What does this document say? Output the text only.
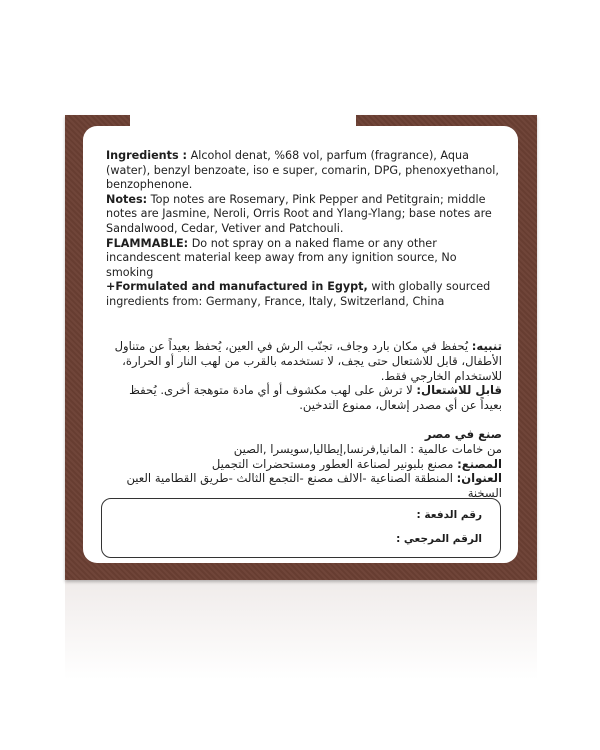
Ingredients : Alcohol denat, %68 vol, parfum (fragrance), Aqua (water), benzyl benzoate, iso e super, comarin, DPG, phenoxyethanol, benzophenone.

Notes: Top notes are Rosemary, Pink Pepper and Petitgrain; middle notes are Jasmine, Neroli, Orris Root and Ylang-Ylang; base notes are Sandalwood, Cedar, Vetiver and Patchouli.

FLAMMABLE: Do not spray on a naked flame or any other incandescent material keep away from any ignition source, No smoking

+Formulated and manufactured in Egypt, with globally sourced ingredients from: Germany, France, Italy, Switzerland, China

تنبيه: يُحفظ في مكان بارد وجاف، تجنّب الرش في العين، يُحفظ بعيداً عن متناول الأطفال، قابل للاشتعال حتى يجف، لا تستخدمه بالقرب من لهب النار أو الحرارة، للاستخدام الخارجي فقط.

قابل للاشتعال: لا ترش على لهب مكشوف أو أي مادة متوهجة أخرى. يُحفظ بعيداً عن أي مصدر إشعال، ممنوع التدخين.

صنع في مصر

من خامات عالمية : المانيا,فرنسا,إيطاليا,سويسرا ,الصين

المصنع: مصنع بلبونير لصناعة العطور ومستحضرات التجميل

العنوان: المنطقة الصناعية -الالف مصنع -التجمع الثالث -طريق القطامية العين السخنة

رقم الدفعة :
الرقم المرجعي :
